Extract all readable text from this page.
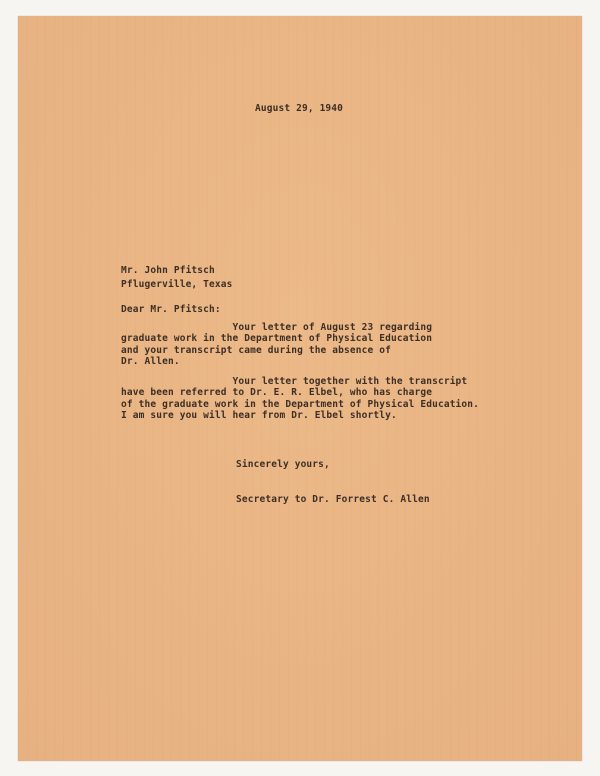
August 29, 1940
Mr. John Pfitsch
Pflugerville, Texas
Dear Mr. Pfitsch:
Your letter of August 23 regarding
graduate work in the Department of Physical Education
and your transcript came during the absence of
Dr. Allen.
Your letter together with the transcript
have been referred to Dr. E. R. Elbel, who has charge
of the graduate work in the Department of Physical Education.
I am sure you will hear from Dr. Elbel shortly.
Sincerely yours,
Secretary to Dr. Forrest C. Allen
